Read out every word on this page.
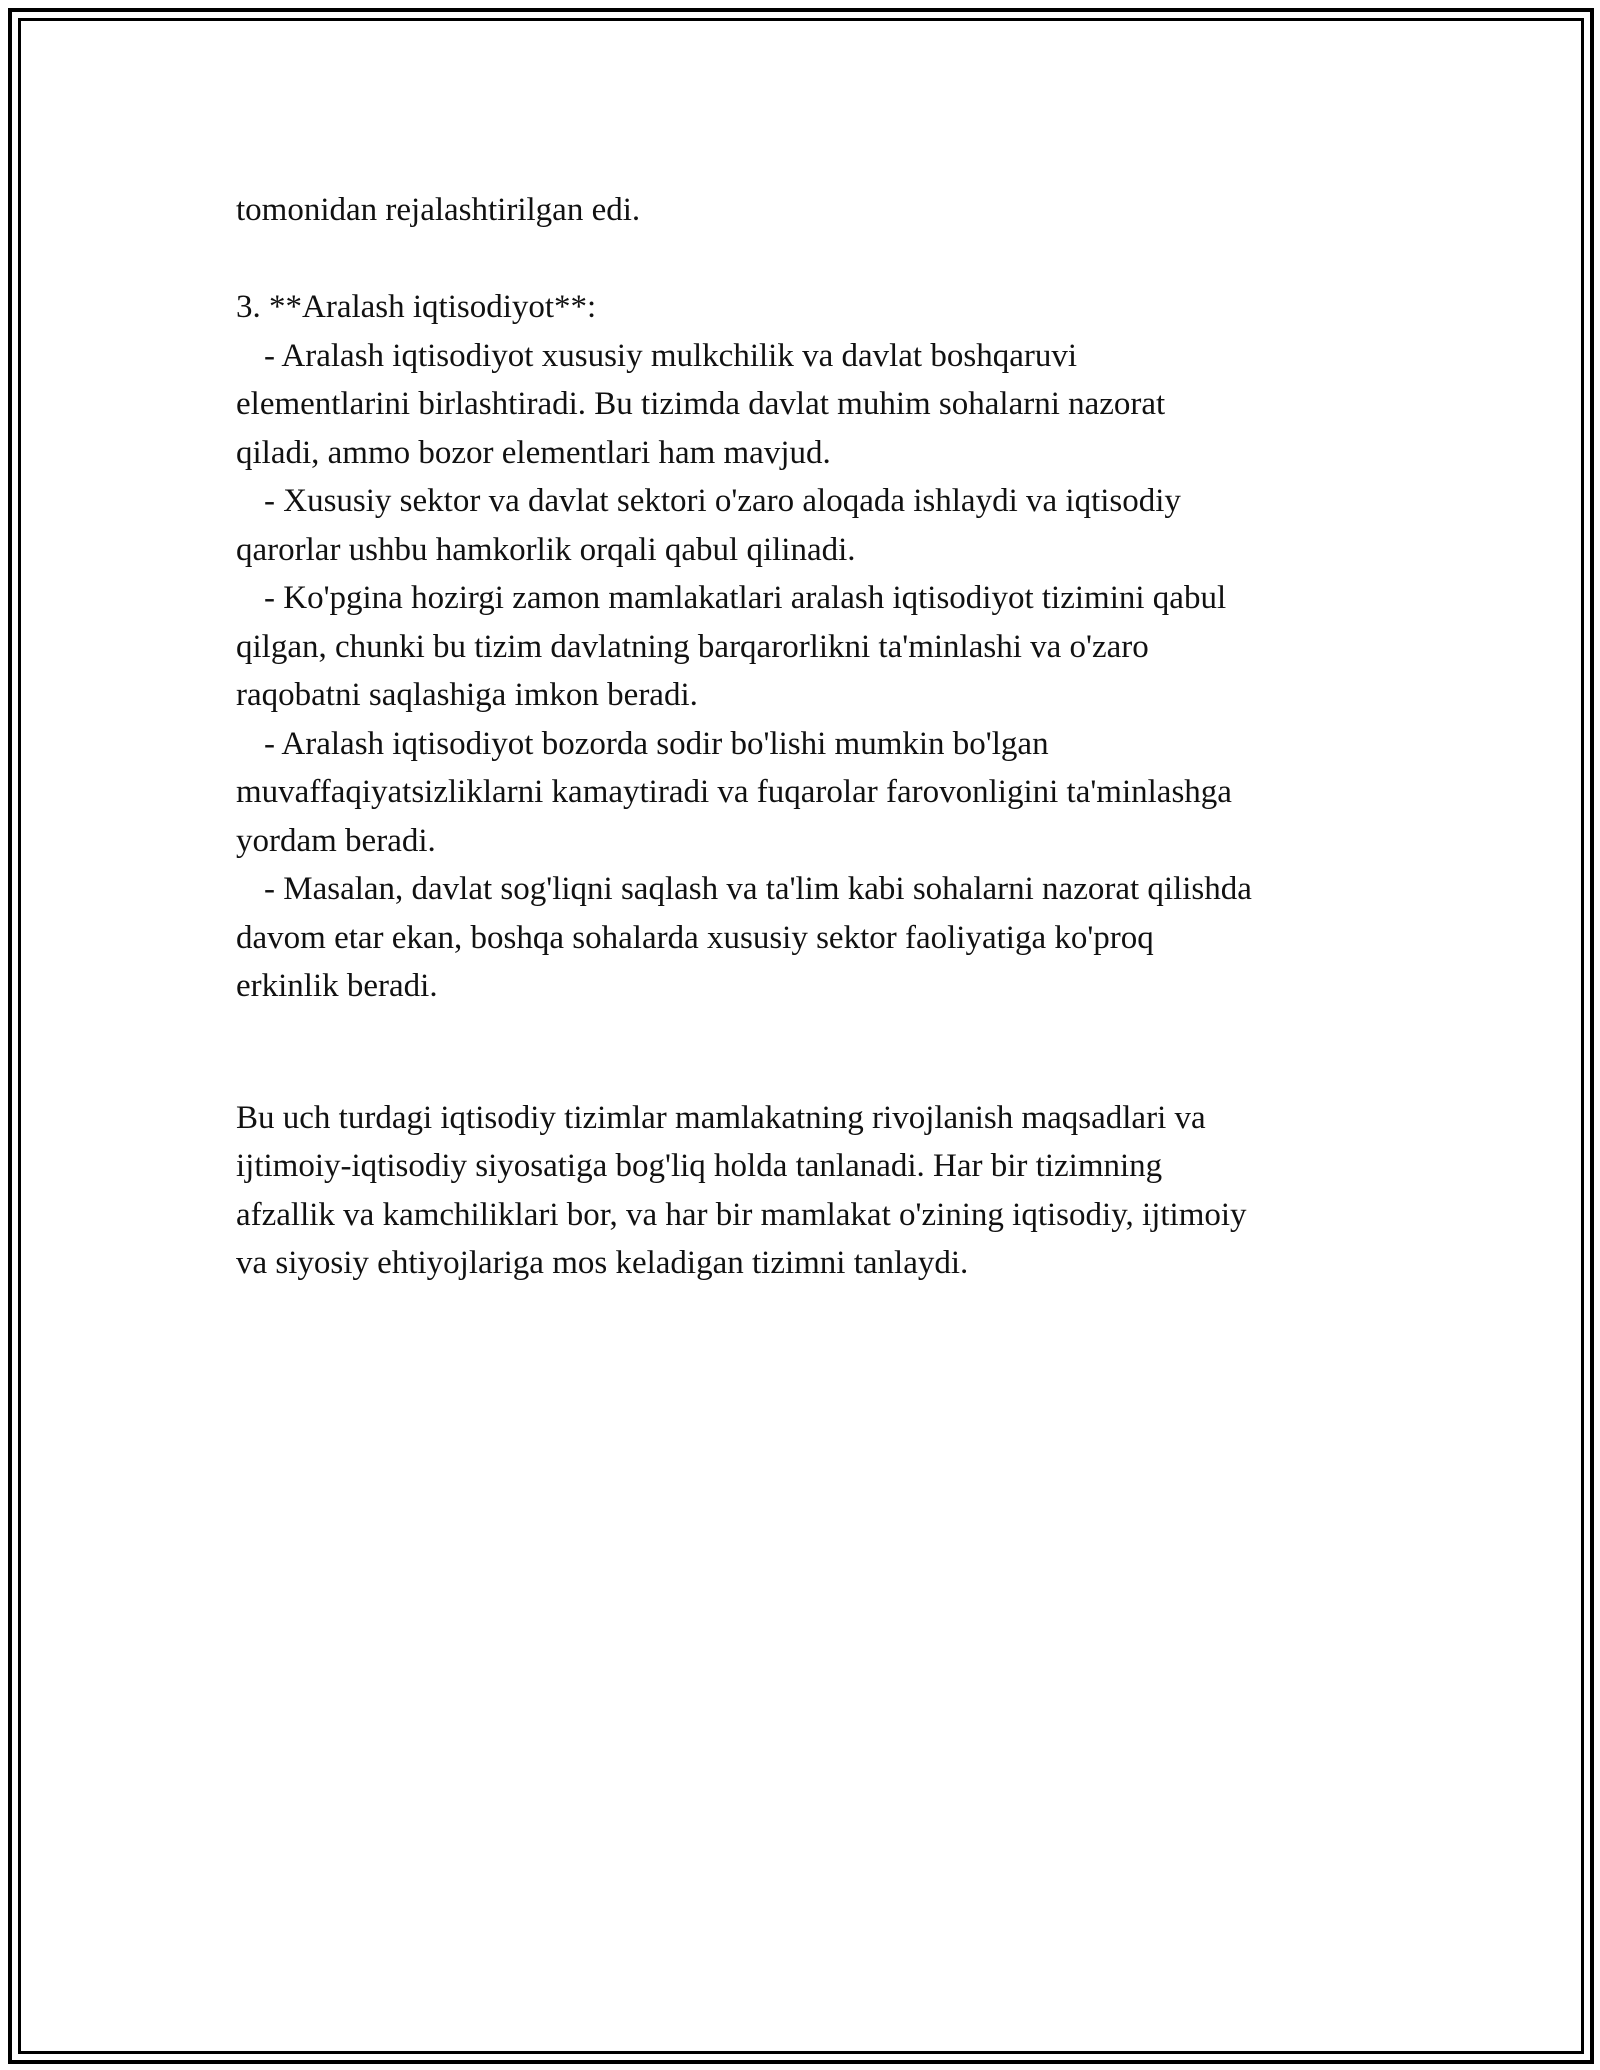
tomonidan rejalashtirilgan edi.
3. **Aralash iqtisodiyot**:
- Aralash iqtisodiyot xususiy mulkchilik va davlat boshqaruvi
elementlarini birlashtiradi. Bu tizimda davlat muhim sohalarni nazorat
qiladi, ammo bozor elementlari ham mavjud.
- Xususiy sektor va davlat sektori o'zaro aloqada ishlaydi va iqtisodiy
qarorlar ushbu hamkorlik orqali qabul qilinadi.
- Ko'pgina hozirgi zamon mamlakatlari aralash iqtisodiyot tizimini qabul
qilgan, chunki bu tizim davlatning barqarorlikni ta'minlashi va o'zaro
raqobatni saqlashiga imkon beradi.
- Aralash iqtisodiyot bozorda sodir bo'lishi mumkin bo'lgan
muvaffaqiyatsizliklarni kamaytiradi va fuqarolar farovonligini ta'minlashga
yordam beradi.
- Masalan, davlat sog'liqni saqlash va ta'lim kabi sohalarni nazorat qilishda
davom etar ekan, boshqa sohalarda xususiy sektor faoliyatiga ko'proq
erkinlik beradi.
Bu uch turdagi iqtisodiy tizimlar mamlakatning rivojlanish maqsadlari va
ijtimoiy-iqtisodiy siyosatiga bog'liq holda tanlanadi. Har bir tizimning
afzallik va kamchiliklari bor, va har bir mamlakat o'zining iqtisodiy, ijtimoiy
va siyosiy ehtiyojlariga mos keladigan tizimni tanlaydi.
